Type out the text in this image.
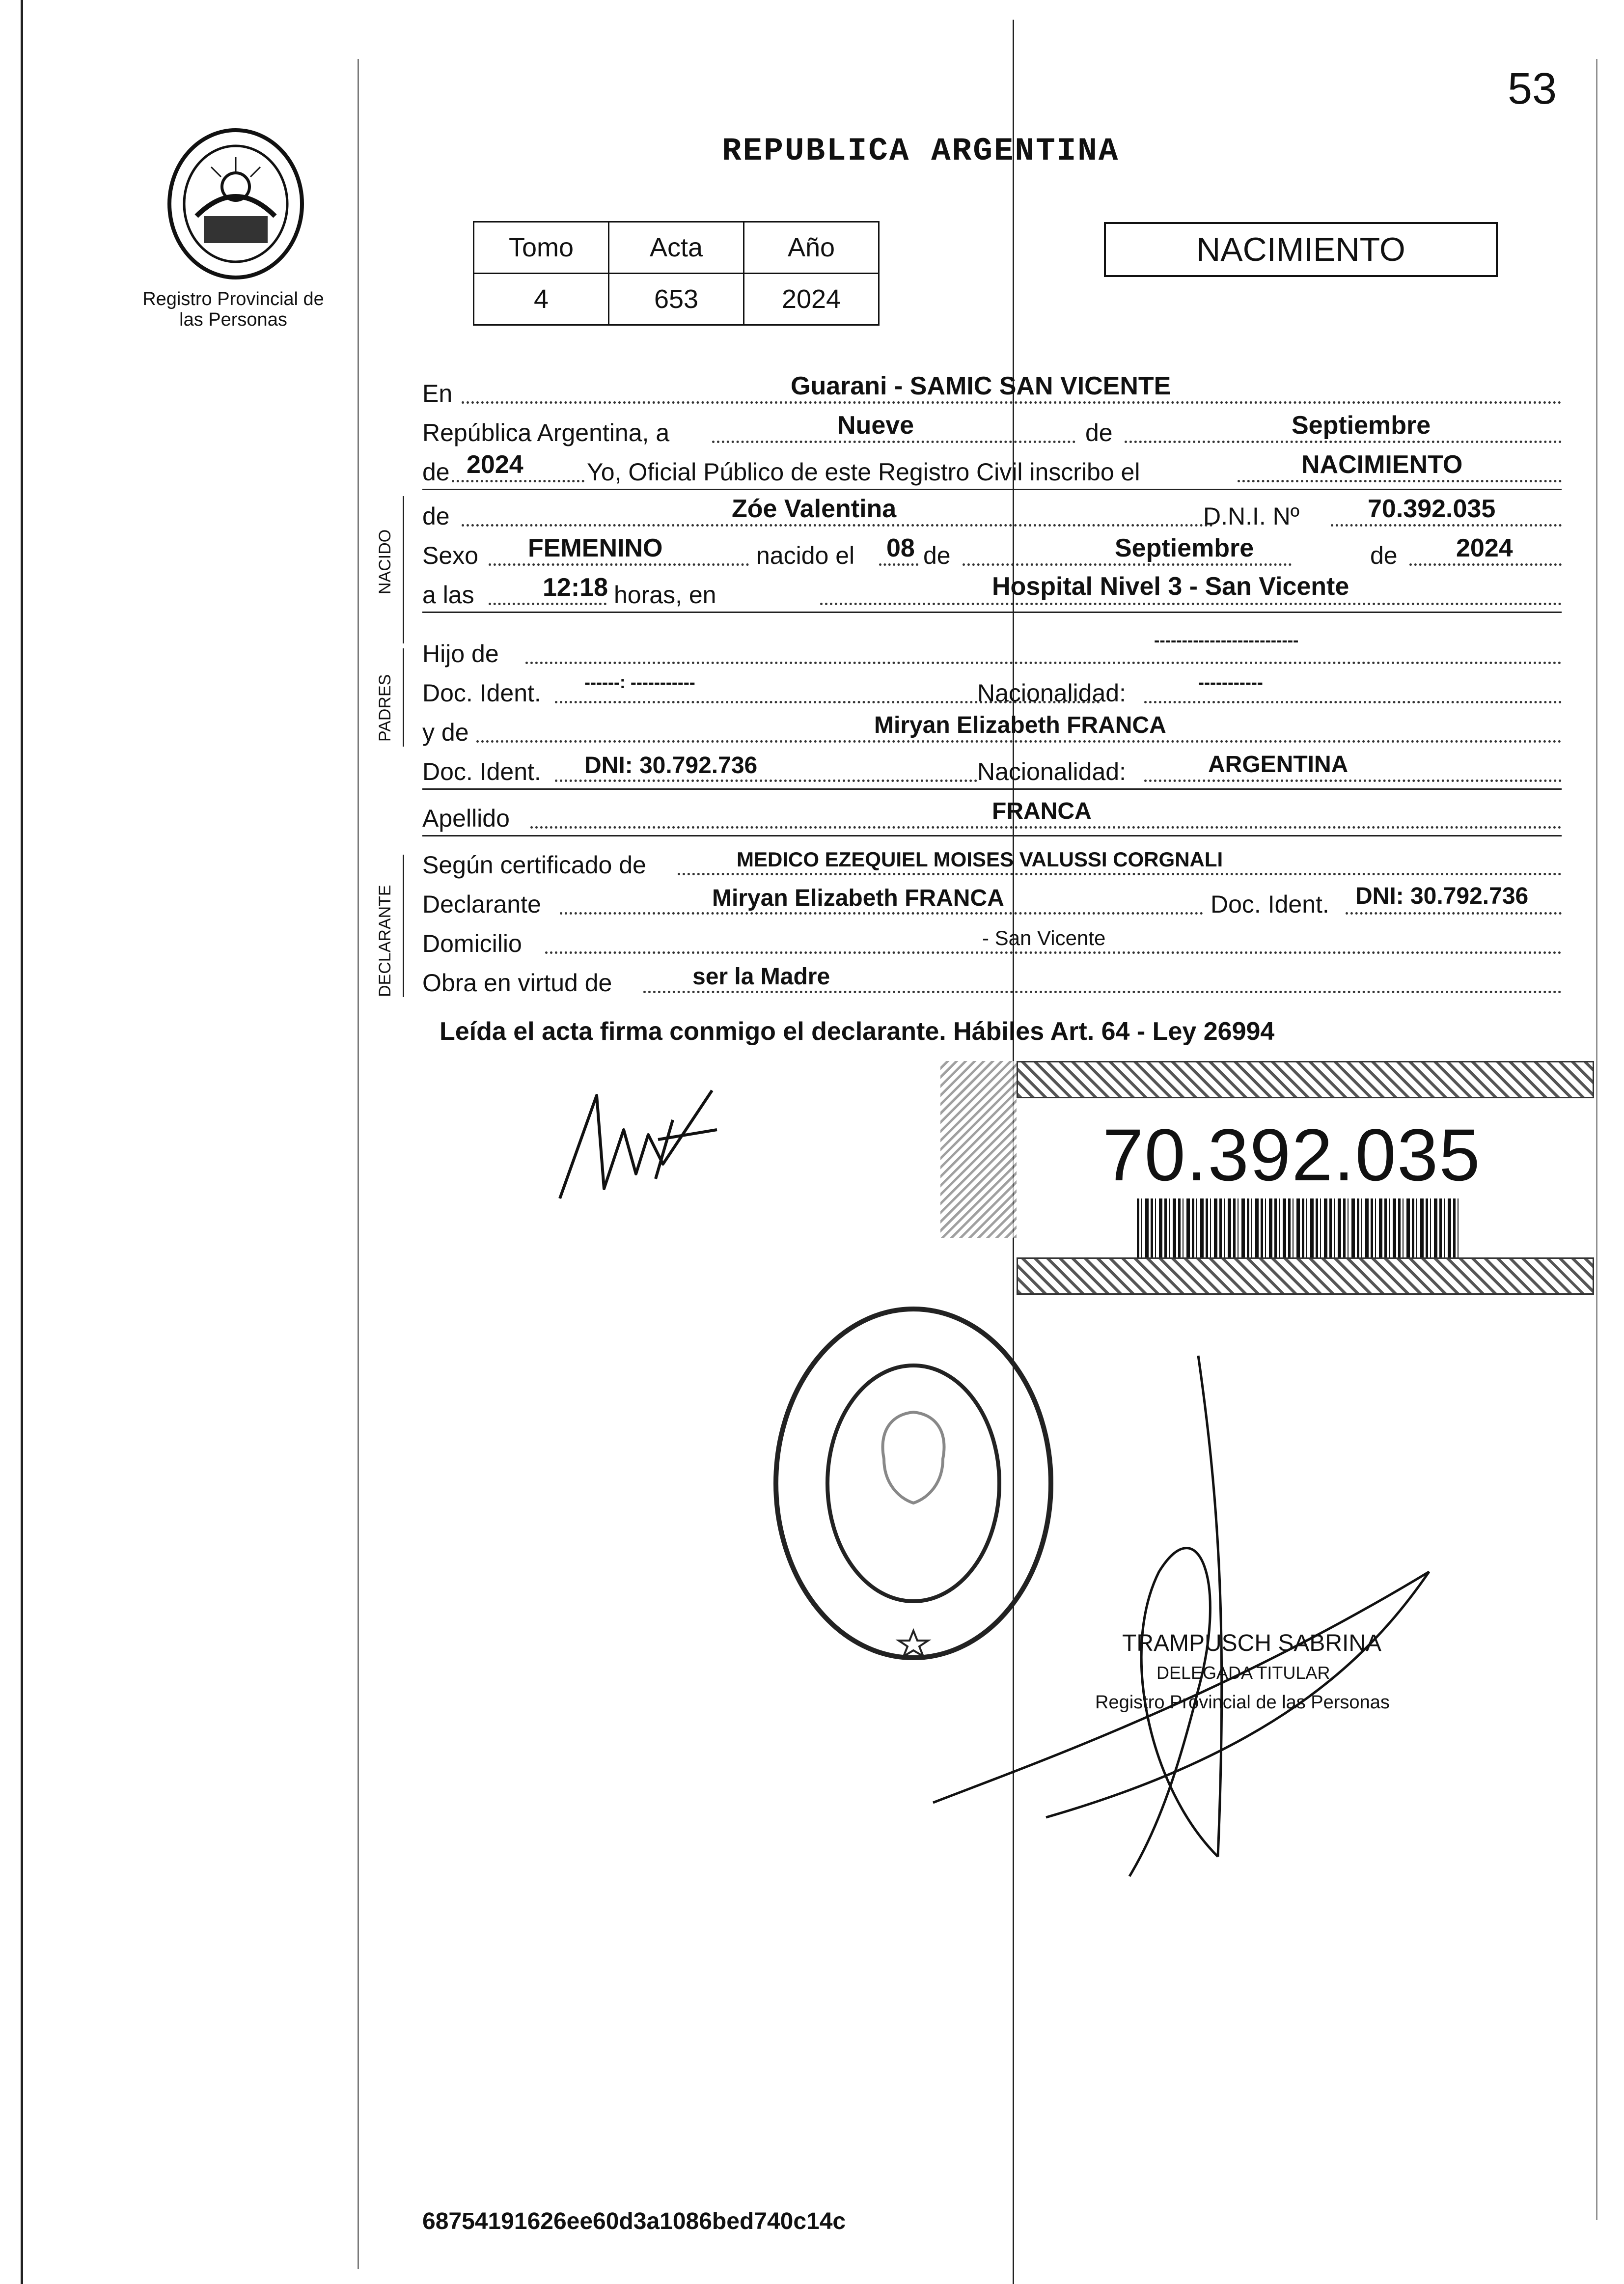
53
Registro Provincial de las Personas
REPUBLICA ARGENTINA
Tomo	Acta	Año
4	653	2024
NACIMIENTO
NACIDO
PADRES
DECLARANTE
En	Guarani - SAMIC SAN VICENTE
República Argentina, a	Nueve	de	Septiembre
de 2024	Yo, Oficial Público de este Registro Civil inscribo el	NACIMIENTO
de	Zóe Valentina	D.N.I. Nº	70.392.035
Sexo FEMENINO	nacido el 08 de	Septiembre	de 2024
a las	12:18 horas, en	Hospital Nivel 3 - San Vicente
Hijo de	--------------------------
Doc. Ident. ------: -----------	Nacionalidad:	-----------
y de	Miryan Elizabeth FRANCA
Doc. Ident. DNI: 30.792.736	Nacionalidad:	ARGENTINA
Apellido	FRANCA
Según certificado de	MEDICO EZEQUIEL MOISES VALUSSI CORGNALI
Declarante	Miryan Elizabeth FRANCA	Doc. Ident. DNI: 30.792.736
Domicilio	- San Vicente
Obra en virtud de	ser la Madre
Leída el acta firma conmigo el declarante. Hábiles Art. 64 - Ley 26994
70.392.035
TRAMPUSCH SABRINA
DELEGADA TITULAR
Registro Provincial de las Personas
68754191626ee60d3a1086bed740c14c
